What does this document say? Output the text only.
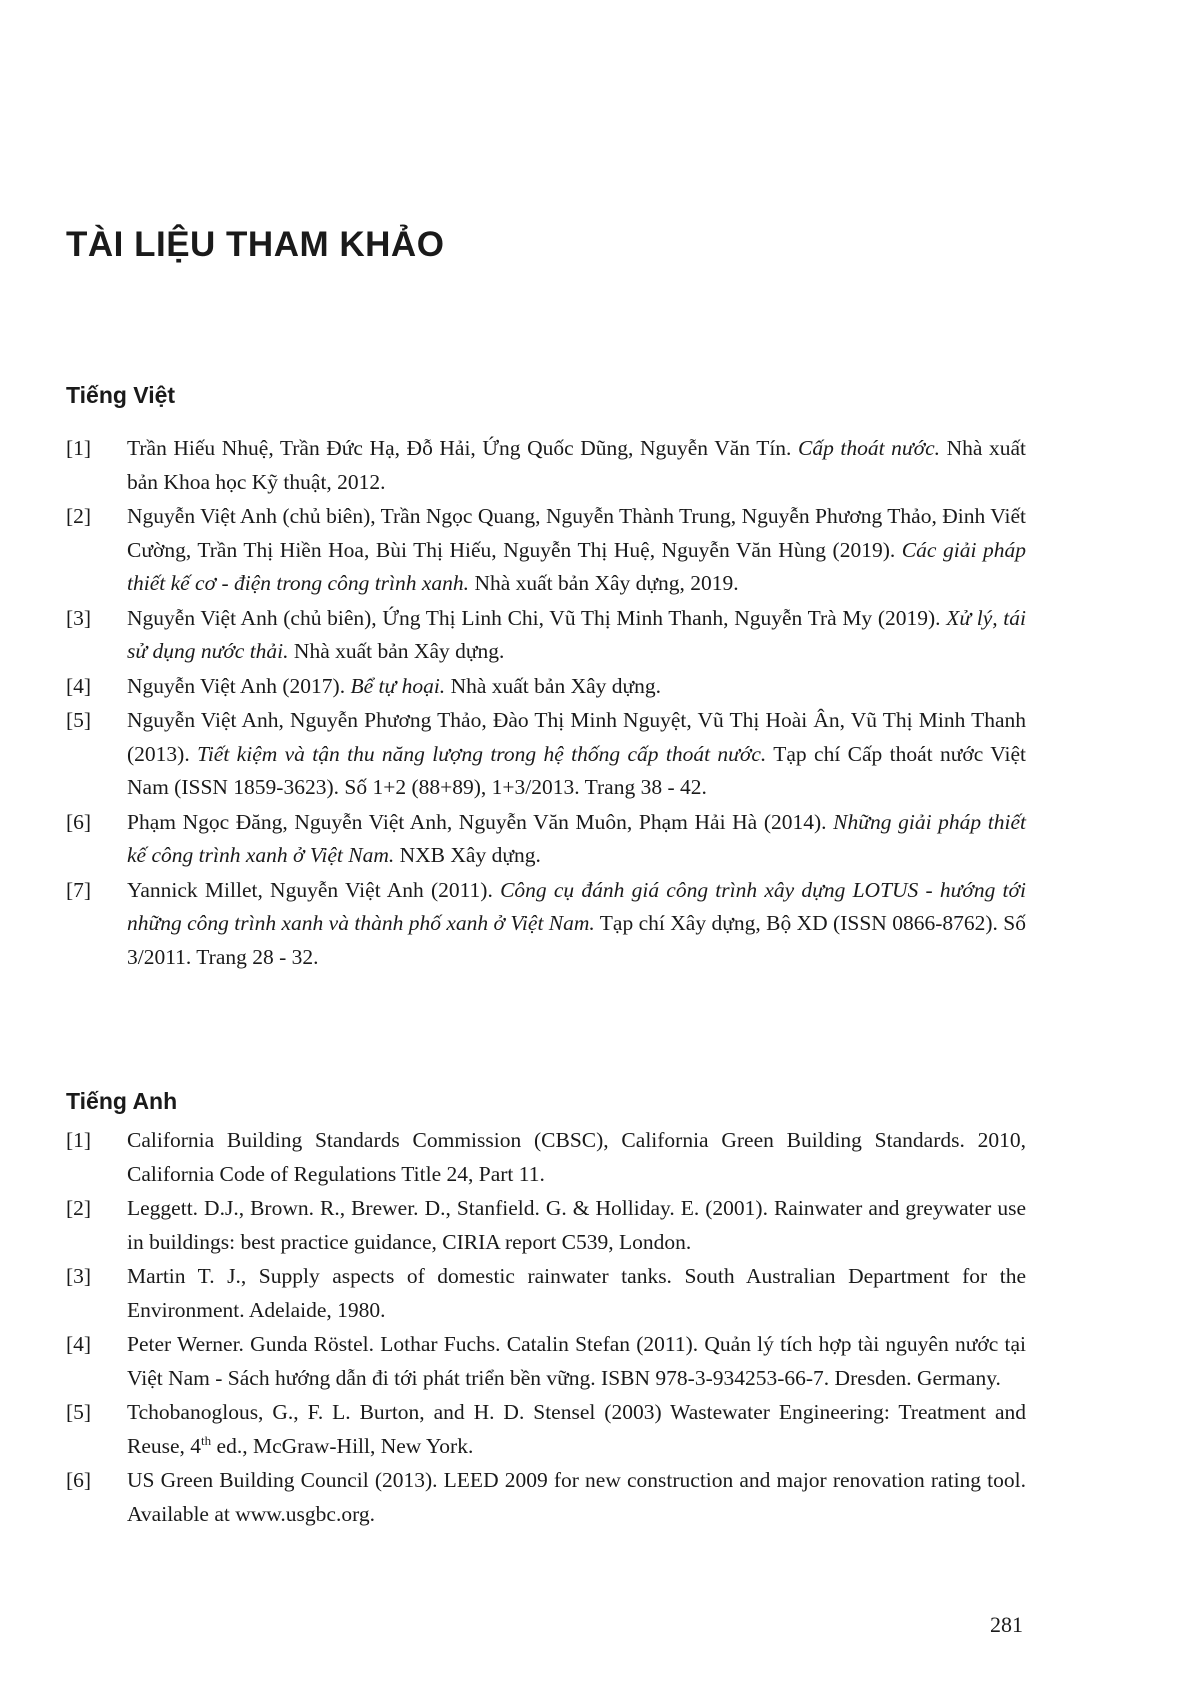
TÀI LIỆU THAM KHẢO
Tiếng Việt
[1] Trần Hiếu Nhuệ, Trần Đức Hạ, Đỗ Hải, Ứng Quốc Dũng, Nguyễn Văn Tín. Cấp thoát nước. Nhà xuất bản Khoa học Kỹ thuật, 2012.
[2] Nguyễn Việt Anh (chủ biên), Trần Ngọc Quang, Nguyễn Thành Trung, Nguyễn Phương Thảo, Đinh Viết Cường, Trần Thị Hiền Hoa, Bùi Thị Hiếu, Nguyễn Thị Huệ, Nguyễn Văn Hùng (2019). Các giải pháp thiết kế cơ - điện trong công trình xanh. Nhà xuất bản Xây dựng, 2019.
[3] Nguyễn Việt Anh (chủ biên), Ứng Thị Linh Chi, Vũ Thị Minh Thanh, Nguyễn Trà My (2019). Xử lý, tái sử dụng nước thải. Nhà xuất bản Xây dựng.
[4] Nguyễn Việt Anh (2017). Bể tự hoại. Nhà xuất bản Xây dựng.
[5] Nguyễn Việt Anh, Nguyễn Phương Thảo, Đào Thị Minh Nguyệt, Vũ Thị Hoài Ân, Vũ Thị Minh Thanh (2013). Tiết kiệm và tận thu năng lượng trong hệ thống cấp thoát nước. Tạp chí Cấp thoát nước Việt Nam (ISSN 1859-3623). Số 1+2 (88+89), 1+3/2013. Trang 38 - 42.
[6] Phạm Ngọc Đăng, Nguyễn Việt Anh, Nguyễn Văn Muôn, Phạm Hải Hà (2014). Những giải pháp thiết kế công trình xanh ở Việt Nam. NXB Xây dựng.
[7] Yannick Millet, Nguyễn Việt Anh (2011). Công cụ đánh giá công trình xây dựng LOTUS - hướng tới những công trình xanh và thành phố xanh ở Việt Nam. Tạp chí Xây dựng, Bộ XD (ISSN 0866-8762). Số 3/2011. Trang 28 - 32.
Tiếng Anh
[1] California Building Standards Commission (CBSC), California Green Building Standards. 2010, California Code of Regulations Title 24, Part 11.
[2] Leggett. D.J., Brown. R., Brewer. D., Stanfield. G. & Holliday. E. (2001). Rainwater and greywater use in buildings: best practice guidance, CIRIA report C539, London.
[3] Martin T. J., Supply aspects of domestic rainwater tanks. South Australian Department for the Environment. Adelaide, 1980.
[4] Peter Werner. Gunda Röstel. Lothar Fuchs. Catalin Stefan (2011). Quản lý tích hợp tài nguyên nước tại Việt Nam - Sách hướng dẫn đi tới phát triển bền vững. ISBN 978-3-934253-66-7. Dresden. Germany.
[5] Tchobanoglous, G., F. L. Burton, and H. D. Stensel (2003) Wastewater Engineering: Treatment and Reuse, 4th ed., McGraw-Hill, New York.
[6] US Green Building Council (2013). LEED 2009 for new construction and major renovation rating tool. Available at www.usgbc.org.
281
